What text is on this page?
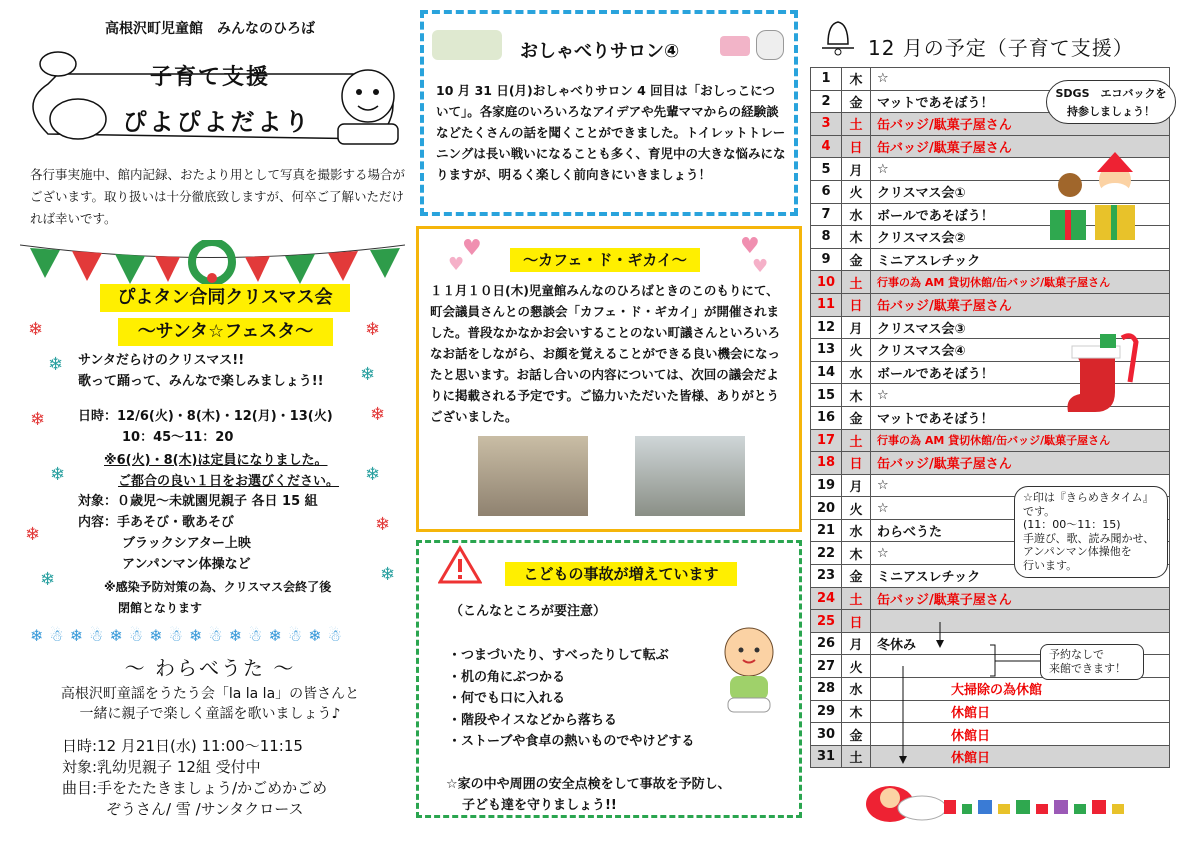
高根沢町児童館　みんなのひろば
子育て支援
ぴよぴよだより
各行事実施中、館内記録、おたより用として写真を撮影する場合がございます。取り扱いは十分徹底致しますが、何卒ご了解いただければ幸いです。
❄	❄
❄	❄
❄	❄
❄	❄
❄	❄
❄	❄
ぴよタン合同クリスマス会
～サンタ☆フェスタ～
サンタだらけのクリスマス!!
歌って踊って、みんなで楽しみましょう!!
日時：12/6(火)・8(木)・12(月)・13(火)
10：45～11：20
※6(火)・8(木)は定員になりました。
ご都合の良い１日をお選びください。
対象：０歳児～未就園児親子 各日 15 組
内容：手あそび・歌あそび
ブラックシアター上映
アンパンマン体操など
※感染予防対策の為、クリスマス会終了後
閉館となります
❄☃❄☃❄☃❄☃❄☃❄☃❄☃❄☃
～ わらべうた ～
高根沢町童謡をうたう会「la la la」の皆さんと
一緒に親子で楽しく童謡を歌いましょう♪
日時:12 月21日(水) 11:00～11:15
対象:乳幼児親子 12組 受付中
曲目:手をたたきましょう/かごめかごめ
ぞうさん/ 雪 /サンタクロース
おしゃべりサロン④
10 月 31 日(月)おしゃべりサロン 4 回目は「おしっこについて」。各家庭のいろいろなアイデアや先輩ママからの経験談などたくさんの話を聞くことができました。トイレットトレーニングは長い戦いになることも多く、育児中の大きな悩みになりますが、明るく楽しく前向きにいきましょう！
♥
♥
♥
♥
～カフェ・ド・ギカイ～
１１月１０日(木)児童館みんなのひろばときのこのもりにて、町会議員さんとの懇談会「カフェ・ド・ギカイ」が開催されました。普段なかなかお会いすることのない町議さんといろいろなお話をしながら、お顔を覚えることができる良い機会になったと思います。お話し合いの内容については、次回の議会だよりに掲載される予定です。ご協力いただいた皆様、ありがとうございました。
こどもの事故が増えています
（こんなところが要注意）
・つまづいたり、すべったりして転ぶ
・机の角にぶつかる
・何でも口に入れる
・階段やイスなどから落ちる
・ストーブや食卓の熱いものでやけどする
☆家の中や周囲の安全点検をして事故を予防し、
子ども達を守りましょう!!
12 月の予定（子育て支援）
1	木	☆
2	金	マットであそぼう！
3	土	缶バッジ/駄菓子屋さん
4	日	缶バッジ/駄菓子屋さん
5	月	☆
6	火	クリスマス会①
7	水	ボールであそぼう！
8	木	クリスマス会②
9	金	ミニアスレチック
10	土	行事の為 AM 貸切休館/缶バッジ/駄菓子屋さん
11	日	缶バッジ/駄菓子屋さん
12	月	クリスマス会③
13	火	クリスマス会④
14	水	ボールであそぼう！
15	木	☆
16	金	マットであそぼう！
17	土	行事の為 AM 貸切休館/缶バッジ/駄菓子屋さん
18	日	缶バッジ/駄菓子屋さん
19	月	☆
20	火	☆
21	水	わらべうた
22	木	☆
23	金	ミニアスレチック
24	土	缶バッジ/駄菓子屋さん
25	日	
26	月	冬休み
27	火	
28	水	大掃除の為休館
29	木	休館日
30	金	休館日
31	土	休館日
SDGS　エコバックを
持参しましょう！
☆印は『きらめきタイム』です。
(11：00～11：15)
手遊び、歌、読み聞かせ、
アンパンマン体操他を
行います。
予約なしで
来館できます！
